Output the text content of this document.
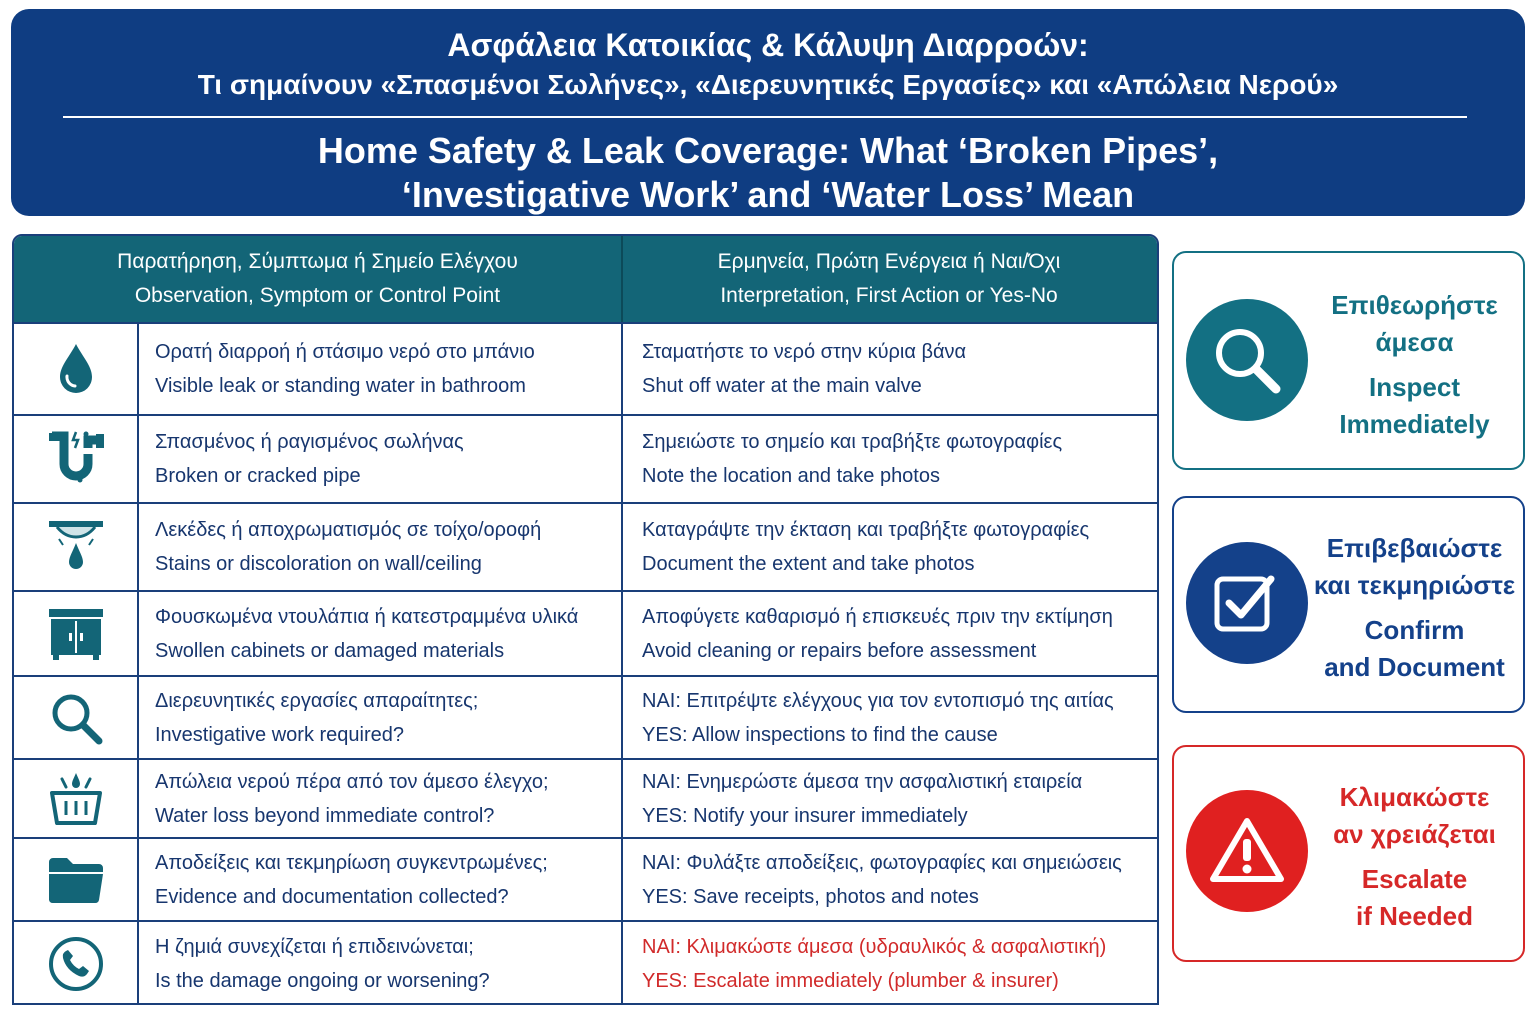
Ασφάλεια Κατοικίας & Κάλυψη Διαρροών:
Τι σημαίνουν «Σπασμένοι Σωλήνες», «Διερευνητικές Εργασίες» και «Απώλεια Νερού»
Home Safety & Leak Coverage: What ‘Broken Pipes’,
‘Investigative Work’ and ‘Water Loss’ Mean
Παρατήρηση, Σύμπτωμα ή Σημείο Ελέγχου
Observation, Symptom or Control Point
Ερμηνεία, Πρώτη Ενέργεια ή Ναι/Όχι
Interpretation, First Action or Yes-No
Ορατή διαρροή ή στάσιμο νερό στο μπάνιο
Visible leak or standing water in bathroom
Σταματήστε το νερό στην κύρια βάνα
Shut off water at the main valve
Σπασμένος ή ραγισμένος σωλήνας
Broken or cracked pipe
Σημειώστε το σημείο και τραβήξτε φωτογραφίες
Note the location and take photos
Λεκέδες ή αποχρωματισμός σε τοίχο/οροφή
Stains or discoloration on wall/ceiling
Καταγράψτε την έκταση και τραβήξτε φωτογραφίες
Document the extent and take photos
Φουσκωμένα ντουλάπια ή κατεστραμμένα υλικά
Swollen cabinets or damaged materials
Αποφύγετε καθαρισμό ή επισκευές πριν την εκτίμηση
Avoid cleaning or repairs before assessment
Διερευνητικές εργασίες απαραίτητες;
Investigative work required?
ΝΑΙ: Επιτρέψτε ελέγχους για τον εντοπισμό της αιτίας
YES: Allow inspections to find the cause
Απώλεια νερού πέρα από τον άμεσο έλεγχο;
Water loss beyond immediate control?
ΝΑΙ: Ενημερώστε άμεσα την ασφαλιστική εταιρεία
YES: Notify your insurer immediately
Αποδείξεις και τεκμηρίωση συγκεντρωμένες;
Evidence and documentation collected?
ΝΑΙ: Φυλάξτε αποδείξεις, φωτογραφίες και σημειώσεις
YES: Save receipts, photos and notes
Η ζημιά συνεχίζεται ή επιδεινώνεται;
Is the damage ongoing or worsening?
ΝΑΙ: Κλιμακώστε άμεσα (υδραυλικός & ασφαλιστική)
YES: Escalate immediately (plumber & insurer)
Επιθεωρήστε
άμεσα
Inspect
Immediately
Επιβεβαιώστε
και τεκμηριώστε
Confirm
and Document
Κλιμακώστε
αν χρειάζεται
Escalate
if Needed
